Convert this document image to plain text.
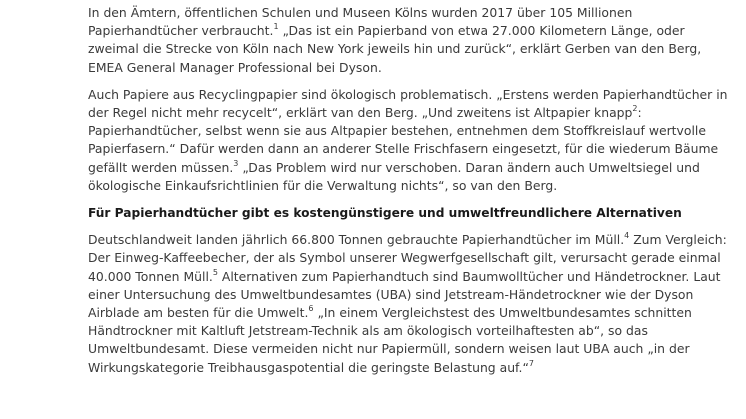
In den Ämtern, öffentlichen Schulen und Museen Kölns wurden 2017 über 105 Millionen Papierhandtücher verbraucht.$^1$ „Das ist ein Papierband von etwa 27.000 Kilometern Länge, oder zweimal die Strecke von Köln nach New York jeweils hin und zurück“, erklärt Gerben van den Berg, EMEA General Manager Professional bei Dyson.

Auch Papiere aus Recyclingpapier sind ökologisch problematisch. „Erstens werden Papierhandtücher in der Regel nicht mehr recycelt“, erklärt van den Berg. „Und zweitens ist Altpapier knapp$^2$: Papierhandtücher, selbst wenn sie aus Altpapier bestehen, entnehmen dem Stoffkreislauf wertvolle Papierfasern.“ Dafür werden dann an anderer Stelle Frischfasern eingesetzt, für die wiederum Bäume gefällt werden müssen.$^3$ „Das Problem wird nur verschoben. Daran ändern auch Umweltsiegel und ökologische Einkaufsrichtlinien für die Verwaltung nichts“, so van den Berg.

Für Papierhandtücher gibt es kostengünstigere und umweltfreundlichere Alternativen

Deutschlandweit landen jährlich 66.800 Tonnen gebrauchte Papierhandtücher im Müll.$^4$ Zum Vergleich: Der Einweg-Kaffeebecher, der als Symbol unserer Wegwerfgesellschaft gilt, verursacht gerade einmal 40.000 Tonnen Müll.$^5$ Alternativen zum Papierhandtuch sind Baumwolltücher und Händetrockner. Laut einer Untersuchung des Umweltbundesamtes (UBA) sind Jetstream-Händetrockner wie der Dyson Airblade am besten für die Umwelt.$^6$ „In einem Vergleichstest des Umweltbundesamtes schnitten Händtrockner mit Kaltluft Jetstream-Technik als am ökologisch vorteilhaftesten ab“, so das Umweltbundesamt. Diese vermeiden nicht nur Papiermüll, sondern weisen laut UBA auch „in der Wirkungskategorie Treibhausgaspotential die geringste Belastung auf.“$^7$
